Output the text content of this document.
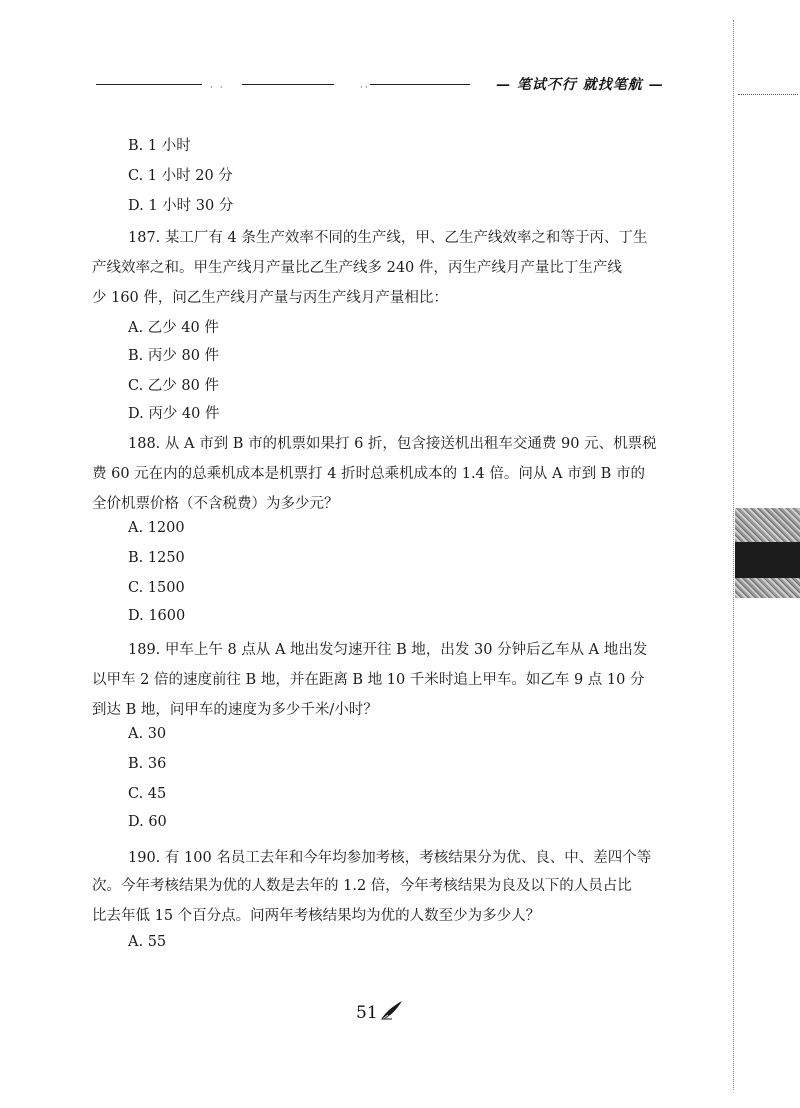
· ·	··	— 笔试不行 就找笔航 —
B. 1 小时
C. 1 小时 20 分
D. 1 小时 30 分
187. 某工厂有 4 条生产效率不同的生产线，甲、乙生产线效率之和等于丙、丁生
产线效率之和。甲生产线月产量比乙生产线多 240 件，丙生产线月产量比丁生产线
少 160 件，问乙生产线月产量与丙生产线月产量相比：
A. 乙少 40 件
B. 丙少 80 件
C. 乙少 80 件
D. 丙少 40 件
188. 从 A 市到 B 市的机票如果打 6 折，包含接送机出租车交通费 90 元、机票税
费 60 元在内的总乘机成本是机票打 4 折时总乘机成本的 1.4 倍。问从 A 市到 B 市的
全价机票价格（不含税费）为多少元？
A. 1200
B. 1250
C. 1500
D. 1600
189. 甲车上午 8 点从 A 地出发匀速开往 B 地，出发 30 分钟后乙车从 A 地出发
以甲车 2 倍的速度前往 B 地，并在距离 B 地 10 千米时追上甲车。如乙车 9 点 10 分
到达 B 地，问甲车的速度为多少千米/小时？
A. 30
B. 36
C. 45
D. 60
190. 有 100 名员工去年和今年均参加考核，考核结果分为优、良、中、差四个等
次。今年考核结果为优的人数是去年的 1.2 倍，今年考核结果为良及以下的人员占比
比去年低 15 个百分点。问两年考核结果均为优的人数至少为多少人？
A. 55
51
